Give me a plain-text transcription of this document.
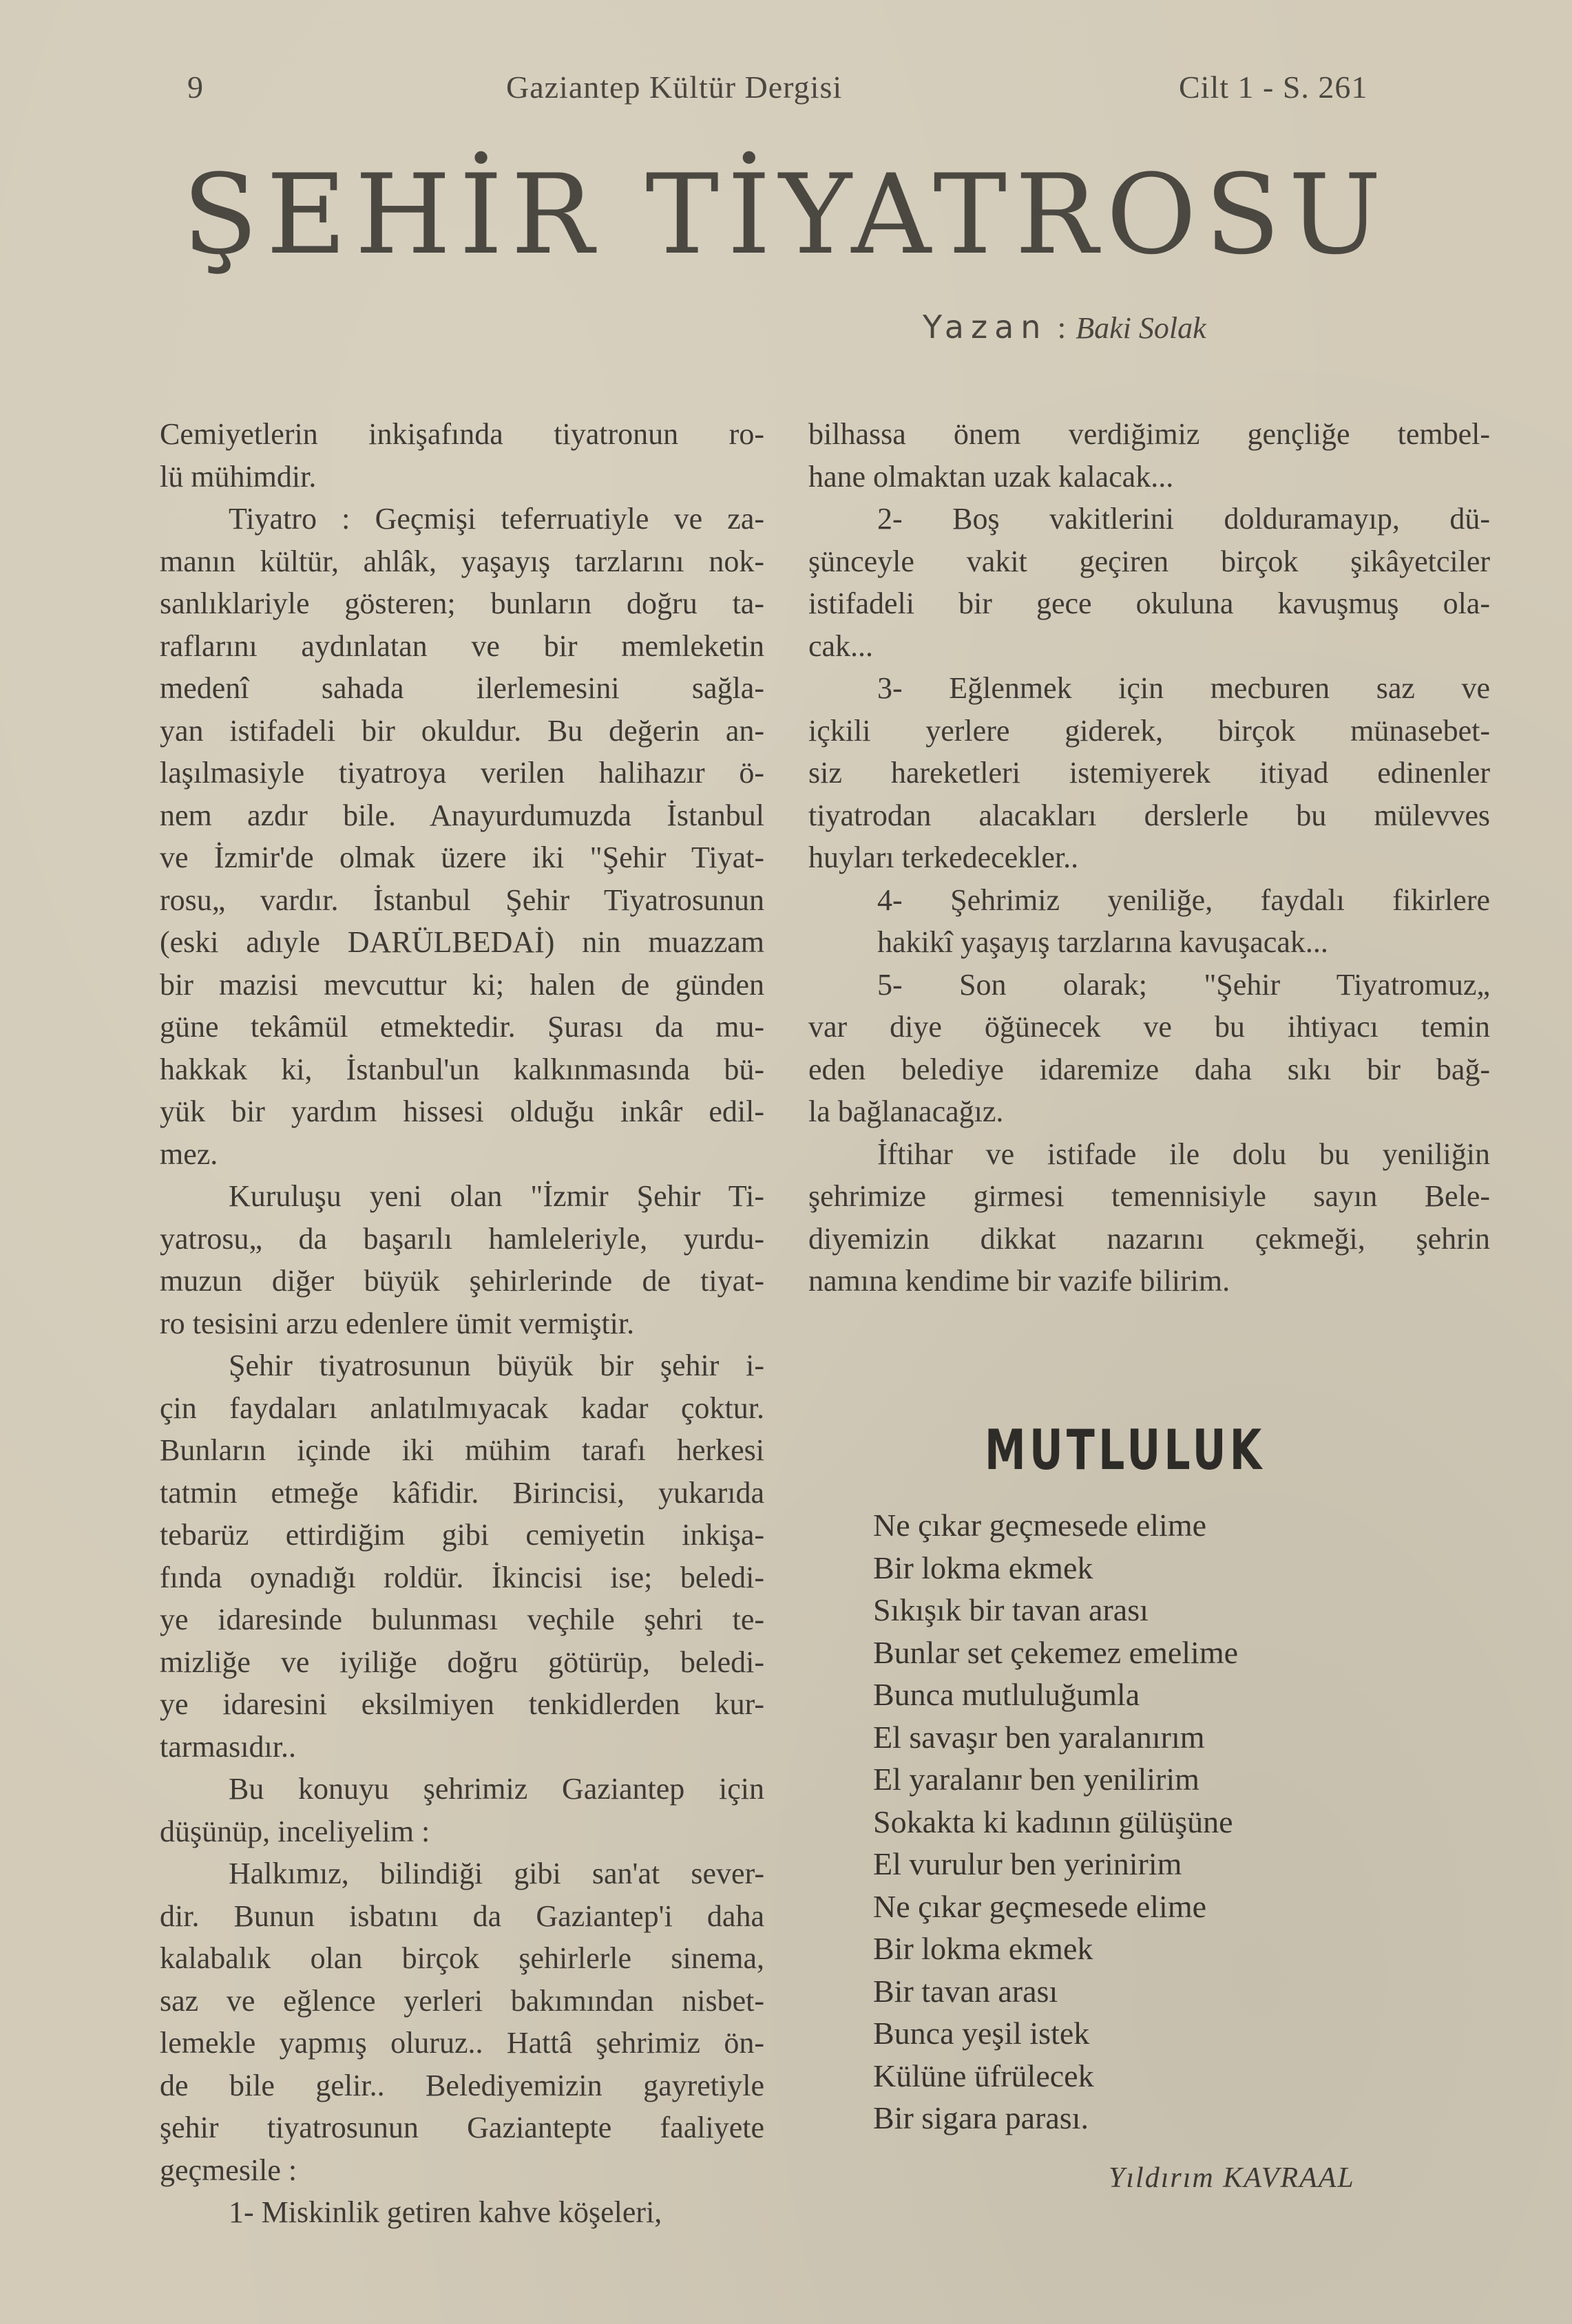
9	Gaziantep Kültür Dergisi	Cilt 1 - S. 261
ŞEHİR TİYATROSU
Yazan : Baki Solak
Cemiyetlerin inkişafında tiyatronun ro-
lü mühimdir.
Tiyatro : Geçmişi teferruatiyle ve za-
manın kültür, ahlâk, yaşayış tarzlarını nok-
sanlıklariyle gösteren; bunların doğru ta-
raflarını aydınlatan ve bir memleketin
medenî sahada ilerlemesini sağla-
yan istifadeli bir okuldur. Bu değerin an-
laşılmasiyle tiyatroya verilen halihazır ö-
nem azdır bile. Anayurdumuzda İstanbul
ve İzmir'de olmak üzere iki "Şehir Tiyat-
rosu„ vardır. İstanbul Şehir Tiyatrosunun
(eski adıyle DARÜLBEDAİ) nin muazzam
bir mazisi mevcuttur ki; halen de günden
güne tekâmül etmektedir. Şurası da mu-
hakkak ki, İstanbul'un kalkınmasında bü-
yük bir yardım hissesi olduğu inkâr edil-
mez.
Kuruluşu yeni olan "İzmir Şehir Ti-
yatrosu„ da başarılı hamleleriyle, yurdu-
muzun diğer büyük şehirlerinde de tiyat-
ro tesisini arzu edenlere ümit vermiştir.
Şehir tiyatrosunun büyük bir şehir i-
çin faydaları anlatılmıyacak kadar çoktur.
Bunların içinde iki mühim tarafı herkesi
tatmin etmeğe kâfidir. Birincisi, yukarıda
tebarüz ettirdiğim gibi cemiyetin inkişa-
fında oynadığı roldür. İkincisi ise; beledi-
ye idaresinde bulunması veçhile şehri te-
mizliğe ve iyiliğe doğru götürüp, beledi-
ye idaresini eksilmiyen tenkidlerden kur-
tarmasıdır..
Bu konuyu şehrimiz Gaziantep için
düşünüp, inceliyelim :
Halkımız, bilindiği gibi san'at sever-
dir. Bunun isbatını da Gaziantep'i daha
kalabalık olan birçok şehirlerle sinema,
saz ve eğlence yerleri bakımından nisbet-
lemekle yapmış oluruz.. Hattâ şehrimiz ön-
de bile gelir.. Belediyemizin gayretiyle
şehir tiyatrosunun Gaziantepte faaliyete
geçmesile :
1- Miskinlik getiren kahve köşeleri,
bilhassa önem verdiğimiz gençliğe tembel-
hane olmaktan uzak kalacak...
2- Boş vakitlerini dolduramayıp, dü-
şünceyle vakit geçiren birçok şikâyetciler
istifadeli bir gece okuluna kavuşmuş ola-
cak...
3- Eğlenmek için mecburen saz ve
içkili yerlere giderek, birçok münasebet-
siz hareketleri istemiyerek itiyad edinenler
tiyatrodan alacakları derslerle bu mülevves
huyları terkedecekler..
4- Şehrimiz yeniliğe, faydalı fikirlere
hakikî yaşayış tarzlarına kavuşacak...
5- Son olarak; "Şehir Tiyatromuz„
var diye öğünecek ve bu ihtiyacı temin
eden belediye idaremize daha sıkı bir bağ-
la bağlanacağız.
İftihar ve istifade ile dolu bu yeniliğin
şehrimize girmesi temennisiyle sayın Bele-
diyemizin dikkat nazarını çekmeği, şehrin
namına kendime bir vazife bilirim.
MUTLULUK
Ne çıkar geçmesede elime
Bir lokma ekmek
Sıkışık bir tavan arası
Bunlar set çekemez emelime
Bunca mutluluğumla
El savaşır ben yaralanırım
El yaralanır ben yenilirim
Sokakta ki kadının gülüşüne
El vurulur ben yerinirim
Ne çıkar geçmesede elime
Bir lokma ekmek
Bir tavan arası
Bunca yeşil istek
Külüne üfrülecek
Bir sigara parası.
Yıldırım KAVRAAL
